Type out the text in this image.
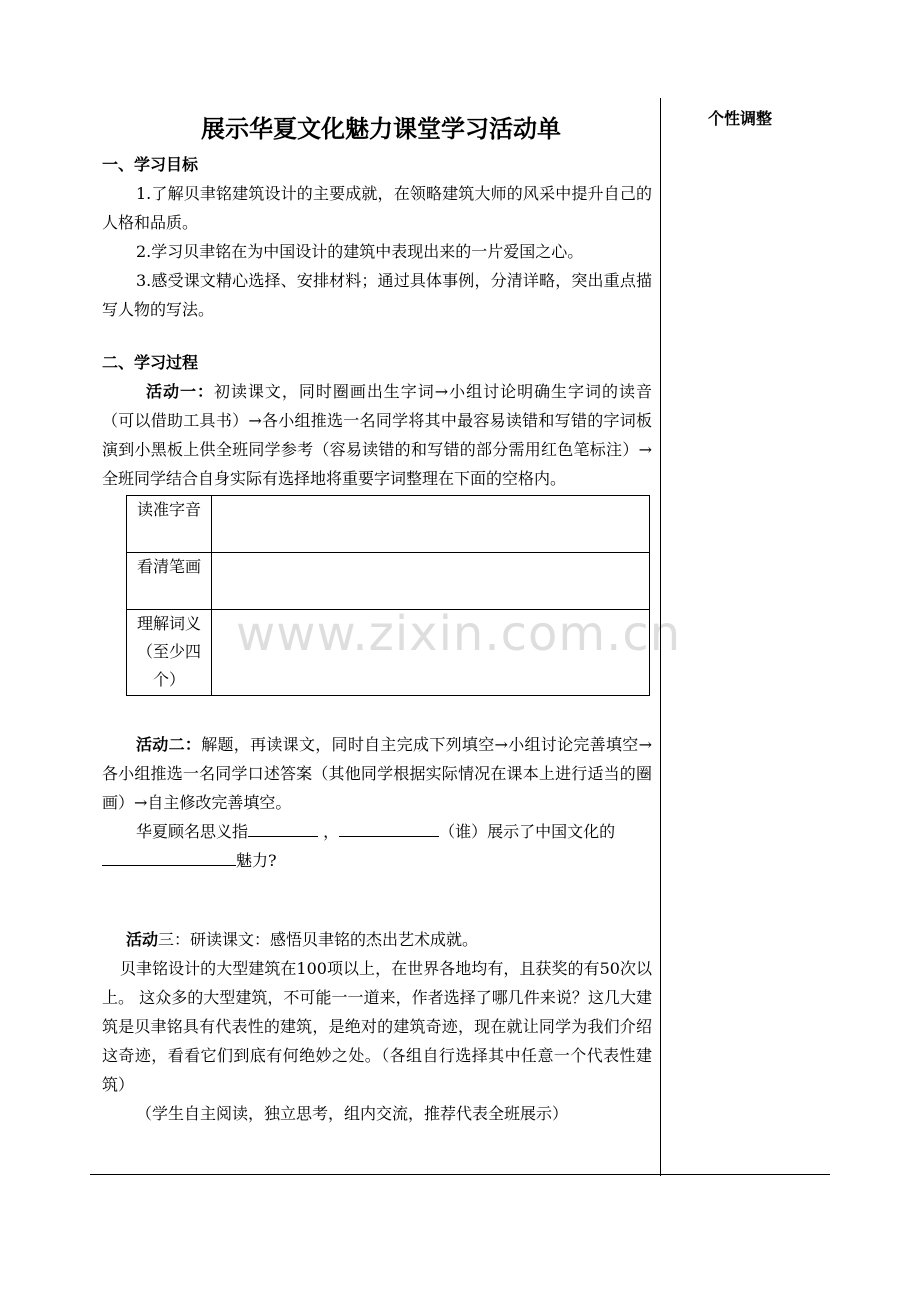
个性调整
展示华夏文化魅力课堂学习活动单
一、学习目标
1.了解贝聿铭建筑设计的主要成就，在领略建筑大师的风采中提升自己的人格和品质。
2.学习贝聿铭在为中国设计的建筑中表现出来的一片爱国之心。
3.感受课文精心选择、安排材料；通过具体事例，分清详略，突出重点描写人物的写法。
二、学习过程
活动一：初读课文，同时圈画出生字词→小组讨论明确生字词的读音（可以借助工具书）→各小组推选一名同学将其中最容易读错和写错的字词板演到小黑板上供全班同学参考（容易读错的和写错的部分需用红色笔标注）→全班同学结合自身实际有选择地将重要字词整理在下面的空格内。
读准字音	
看清笔画	
理解词义（至少四个）	
活动二：解题，再读课文，同时自主完成下列填空→小组讨论完善填空→各小组推选一名同学口述答案（其他同学根据实际情况在课本上进行适当的圈画）→自主修改完善填空。
华夏顾名思义指	，	（谁）展示了中国文化的
魅力?
活动三：研读课文：感悟贝聿铭的杰出艺术成就。
贝聿铭设计的大型建筑在100项以上，在世界各地均有，且获奖的有50次以上。 这众多的大型建筑，不可能一一道来，作者选择了哪几件来说？这几大建筑是贝聿铭具有代表性的建筑，是绝对的建筑奇迹，现在就让同学为我们介绍这奇迹，看看它们到底有何绝妙之处。（各组自行选择其中任意一个代表性建筑）
（学生自主阅读，独立思考，组内交流，推荐代表全班展示）
www.zixin.com.cn
